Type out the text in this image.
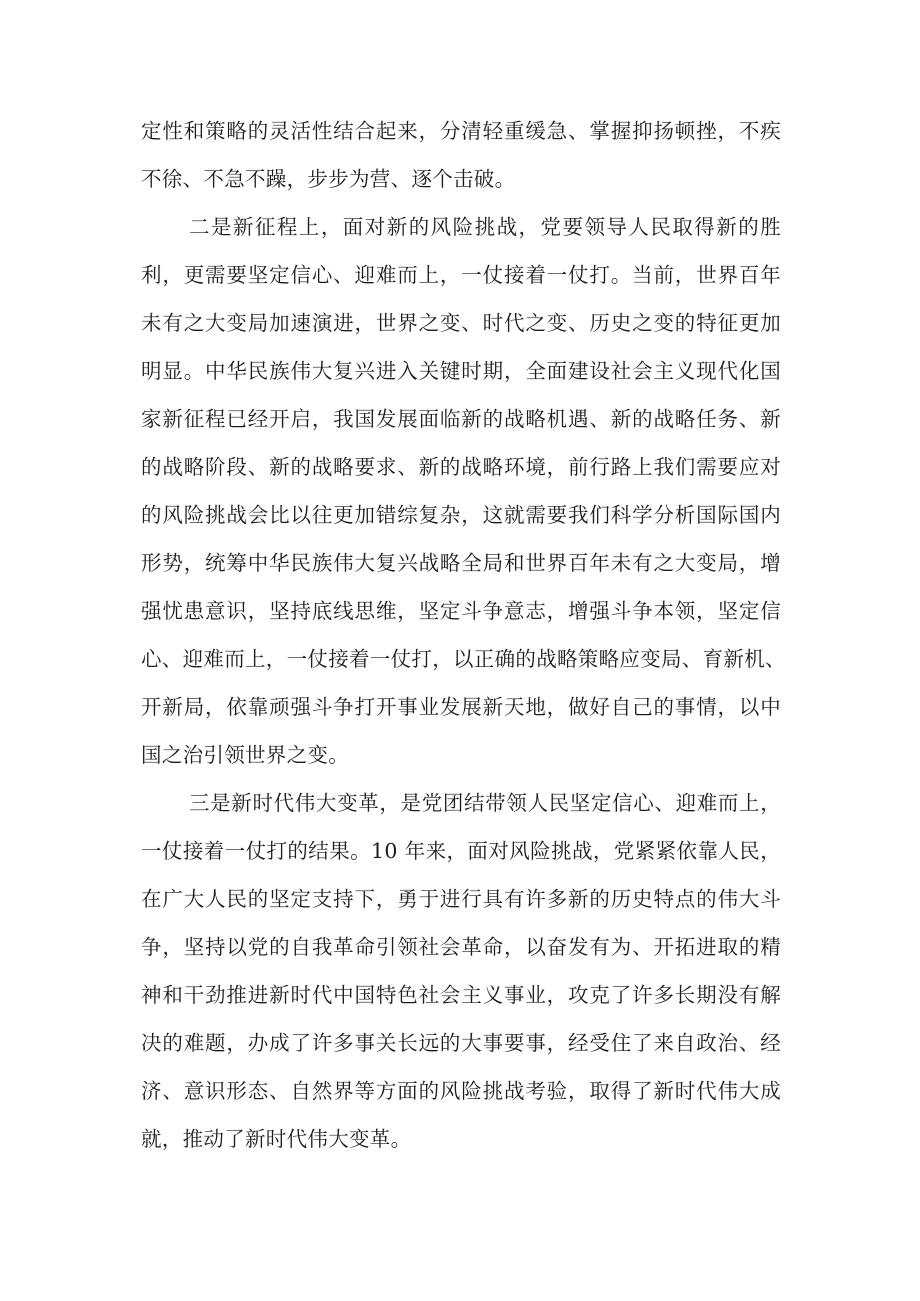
定性和策略的灵活性结合起来，分清轻重缓急、掌握抑扬顿挫，不疾

不徐、不急不躁，步步为营、逐个击破。

二是新征程上，面对新的风险挑战，党要领导人民取得新的胜

利，更需要坚定信心、迎难而上，一仗接着一仗打。当前，世界百年

未有之大变局加速演进，世界之变、时代之变、历史之变的特征更加

明显。中华民族伟大复兴进入关键时期，全面建设社会主义现代化国

家新征程已经开启，我国发展面临新的战略机遇、新的战略任务、新

的战略阶段、新的战略要求、新的战略环境，前行路上我们需要应对

的风险挑战会比以往更加错综复杂，这就需要我们科学分析国际国内

形势，统筹中华民族伟大复兴战略全局和世界百年未有之大变局，增

强忧患意识，坚持底线思维，坚定斗争意志，增强斗争本领，坚定信

心、迎难而上，一仗接着一仗打，以正确的战略策略应变局、育新机、

开新局，依靠顽强斗争打开事业发展新天地，做好自己的事情，以中

国之治引领世界之变。

三是新时代伟大变革，是党团结带领人民坚定信心、迎难而上，

一仗接着一仗打的结果。10 年来，面对风险挑战，党紧紧依靠人民，

在广大人民的坚定支持下，勇于进行具有许多新的历史特点的伟大斗

争，坚持以党的自我革命引领社会革命，以奋发有为、开拓进取的精

神和干劲推进新时代中国特色社会主义事业，攻克了许多长期没有解

决的难题，办成了许多事关长远的大事要事，经受住了来自政治、经

济、意识形态、自然界等方面的风险挑战考验，取得了新时代伟大成

就，推动了新时代伟大变革。
